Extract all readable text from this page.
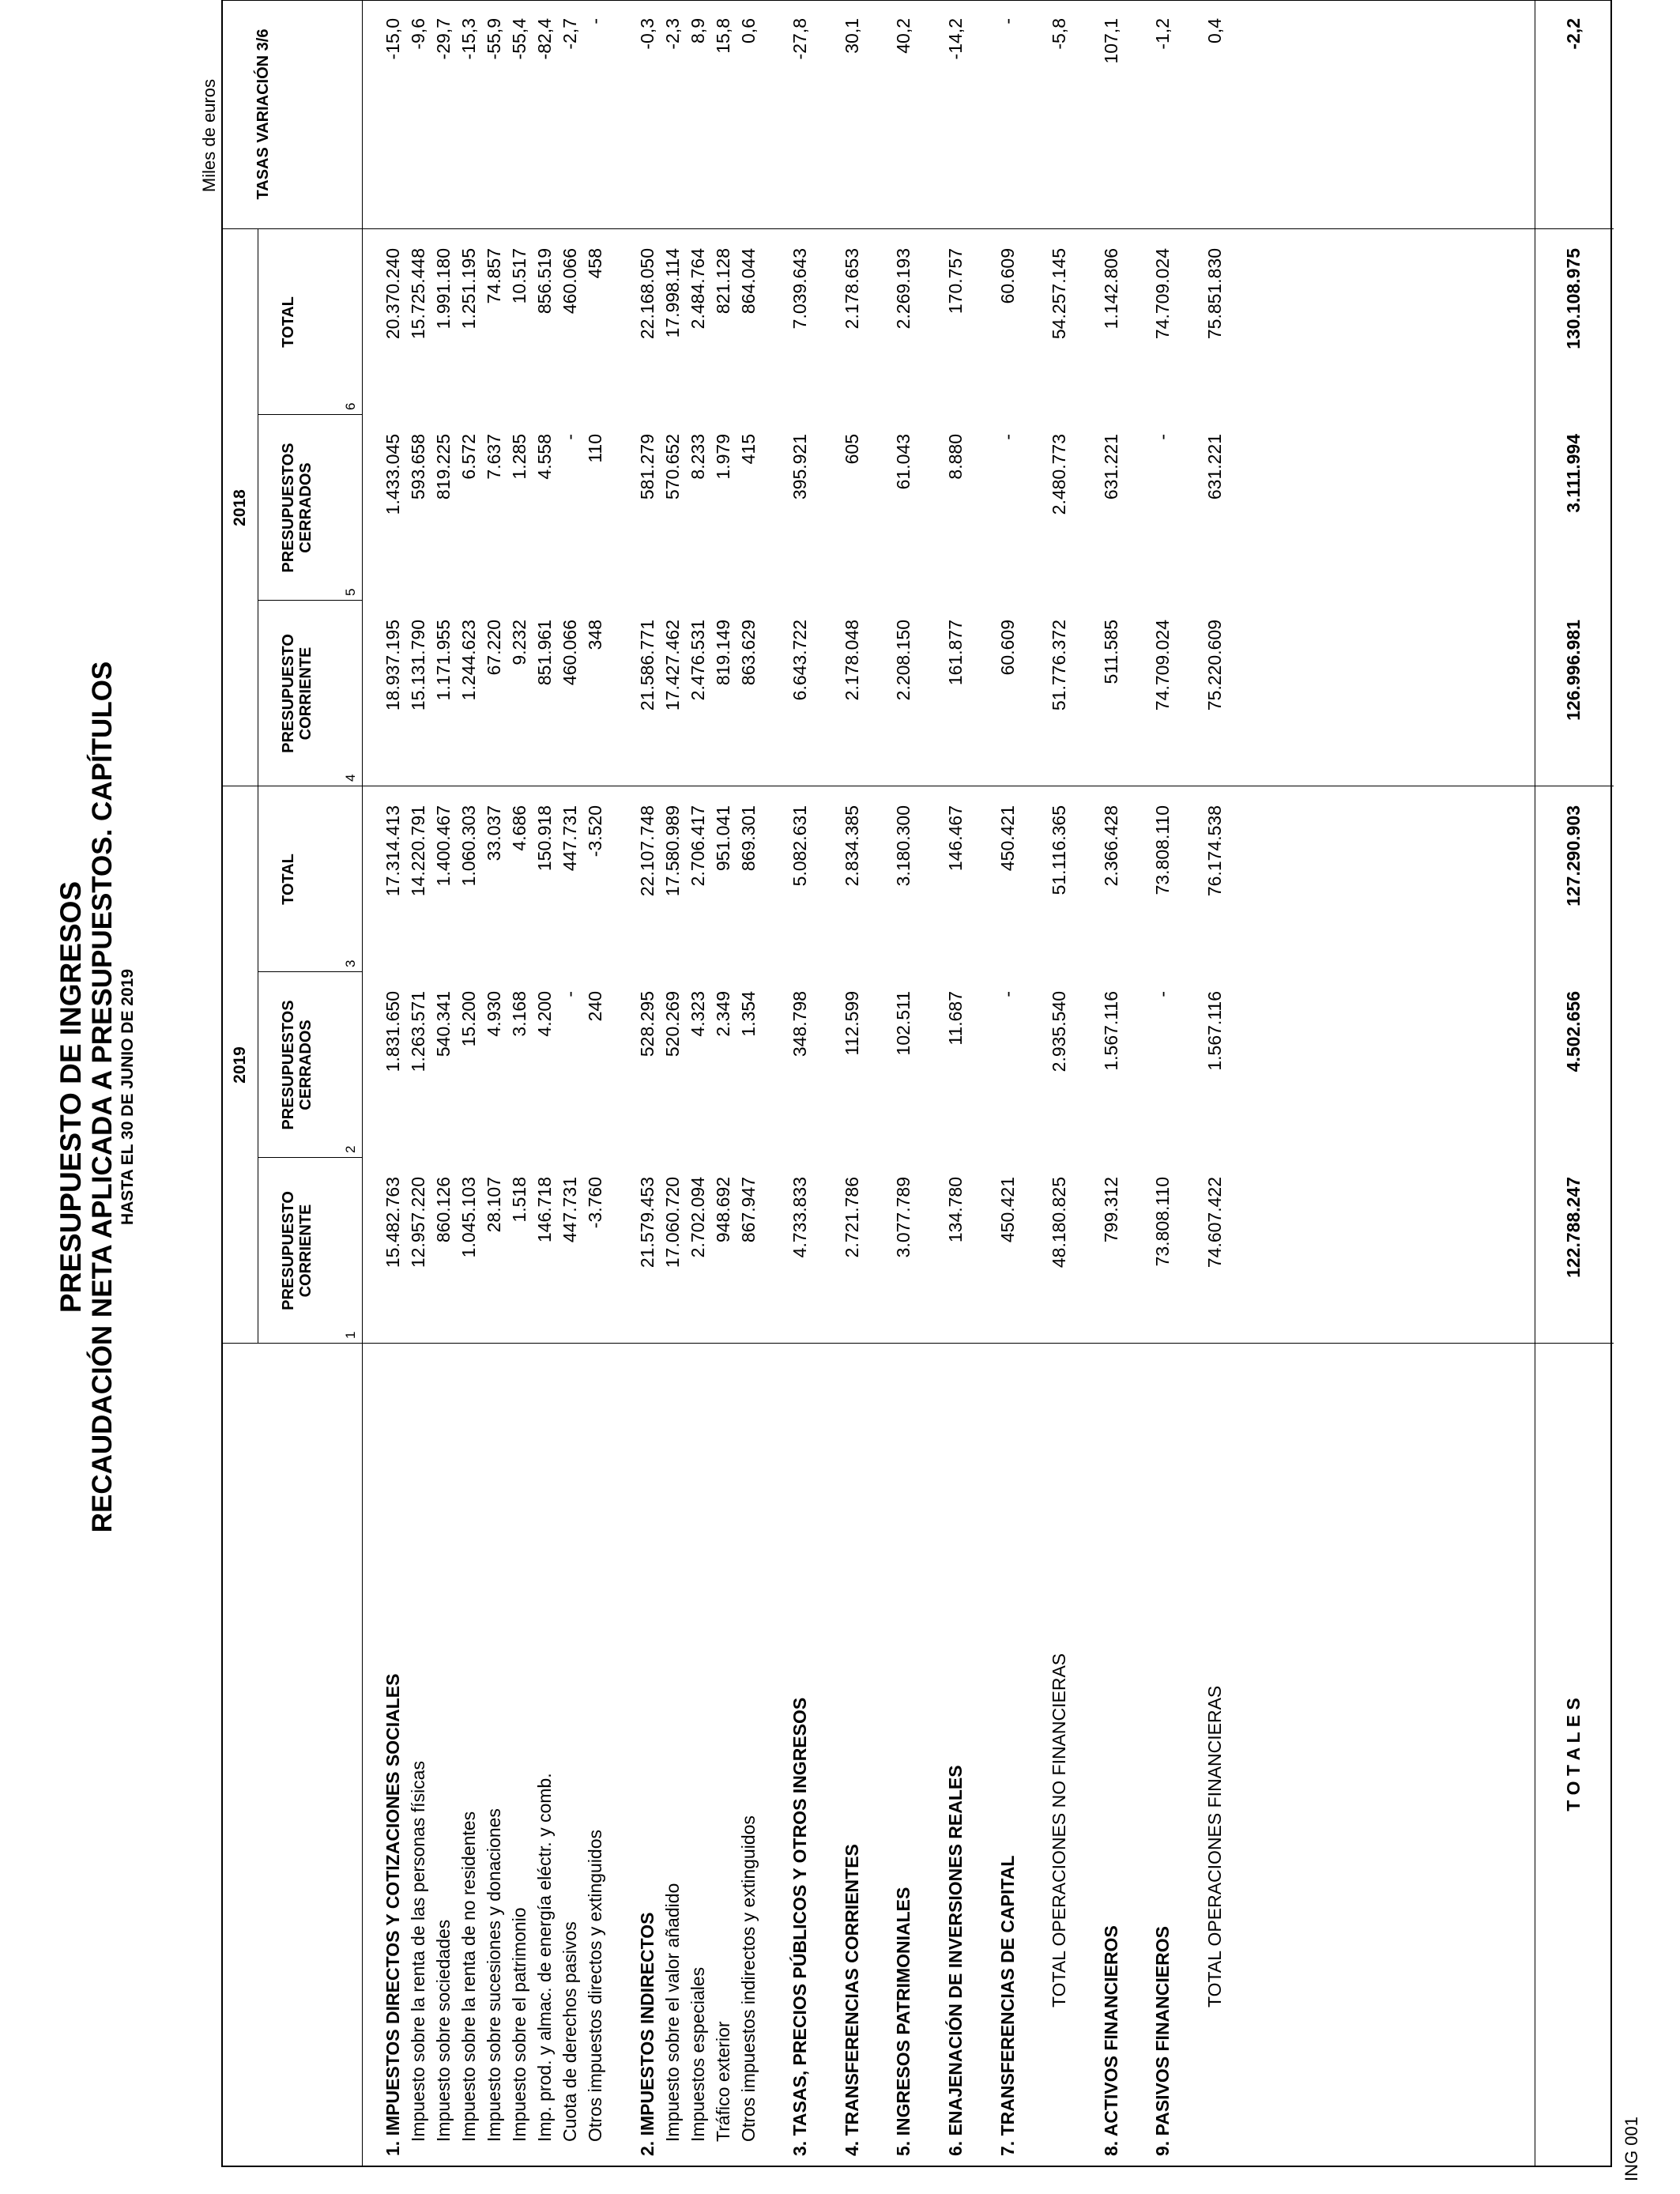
PRESUPUESTO DE INGRESOS RECAUDACIÓN NETA APLICADA A PRESUPUESTOS. CAPÍTULOS HASTA EL 30 DE JUNIO DE 2019
Miles de euros
2019
2018
PRESUPUESTO CORRIENTE
1
PRESUPUESTOS CERRADOS
2
TOTAL
3
PRESUPUESTO CORRIENTE
4
PRESUPUESTOS CERRADOS
5
TOTAL
6
TASAS VARIACIÓN 3/6
1. IMPUESTOS DIRECTOS Y COTIZACIONES SOCIALES
15.482.763
1.831.650
17.314.413
18.937.195
1.433.045
20.370.240
-15,0
Impuesto sobre la renta de las personas físicas
12.957.220
1.263.571
14.220.791
15.131.790
593.658
15.725.448
-9,6
Impuesto sobre sociedades
860.126
540.341
1.400.467
1.171.955
819.225
1.991.180
-29,7
Impuesto sobre la renta de no residentes
1.045.103
15.200
1.060.303
1.244.623
6.572
1.251.195
-15,3
Impuesto sobre sucesiones y donaciones
28.107
4.930
33.037
67.220
7.637
74.857
-55,9
Impuesto sobre el patrimonio
1.518
3.168
4.686
9.232
1.285
10.517
-55,4
Imp. prod. y almac. de energía eléctr. y comb.
146.718
4.200
150.918
851.961
4.558
856.519
-82,4
Cuota de derechos pasivos
447.731
-
447.731
460.066
-
460.066
-2,7
Otros impuestos directos y extinguidos
-3.760
240
-3.520
348
110
458
-
2. IMPUESTOS INDIRECTOS
21.579.453
528.295
22.107.748
21.586.771
581.279
22.168.050
-0,3
Impuesto sobre el valor añadido
17.060.720
520.269
17.580.989
17.427.462
570.652
17.998.114
-2,3
Impuestos especiales
2.702.094
4.323
2.706.417
2.476.531
8.233
2.484.764
8,9
Tráfico exterior
948.692
2.349
951.041
819.149
1.979
821.128
15,8
Otros impuestos indirectos y extinguidos
867.947
1.354
869.301
863.629
415
864.044
0,6
3. TASAS, PRECIOS PÚBLICOS Y OTROS INGRESOS
4.733.833
348.798
5.082.631
6.643.722
395.921
7.039.643
-27,8
4. TRANSFERENCIAS CORRIENTES
2.721.786
112.599
2.834.385
2.178.048
605
2.178.653
30,1
5. INGRESOS PATRIMONIALES
3.077.789
102.511
3.180.300
2.208.150
61.043
2.269.193
40,2
6. ENAJENACIÓN DE INVERSIONES REALES
134.780
11.687
146.467
161.877
8.880
170.757
-14,2
7. TRANSFERENCIAS DE CAPITAL
450.421
-
450.421
60.609
-
60.609
-
TOTAL OPERACIONES NO FINANCIERAS
48.180.825
2.935.540
51.116.365
51.776.372
2.480.773
54.257.145
-5,8
8. ACTIVOS FINANCIEROS
799.312
1.567.116
2.366.428
511.585
631.221
1.142.806
107,1
9. PASIVOS FINANCIEROS
73.808.110
-
73.808.110
74.709.024
-
74.709.024
-1,2
TOTAL OPERACIONES FINANCIERAS
74.607.422
1.567.116
76.174.538
75.220.609
631.221
75.851.830
0,4
T O T A L E S
122.788.247
4.502.656
127.290.903
126.996.981
3.111.994
130.108.975
-2,2
ING 001
